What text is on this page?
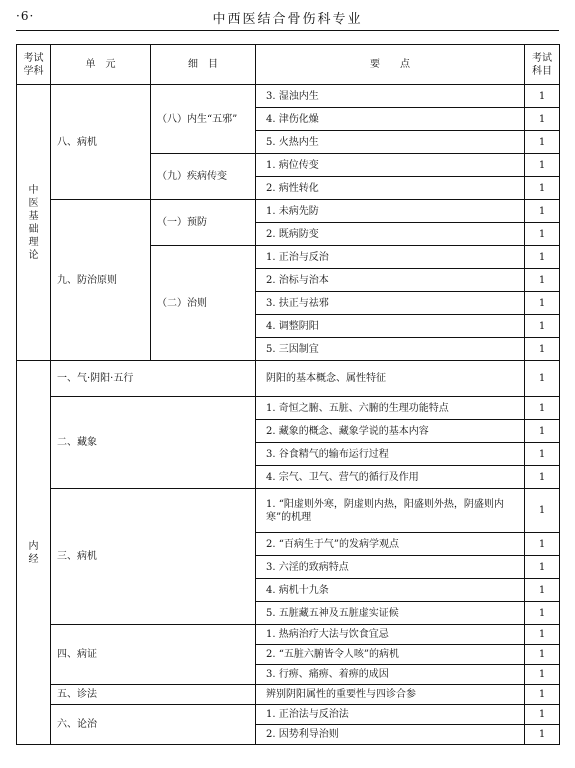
·6·	中西医结合骨伤科专业
考试学科	单　元	细　目	要　　点	考试科目
中医基础理论	八、病机	（八）内生“五邪”	3. 湿浊内生	1
			4. 津伤化燥	1
			5. 火热内生	1
		（九）疾病传变	1. 病位传变	1
			2. 病性转化	1
	九、防治原则	（一）预防	1. 未病先防	1
			2. 既病防变	1
		（二）治则	1. 正治与反治	1
			2. 治标与治本	1
			3. 扶正与祛邪	1
			4. 调整阴阳	1
			5. 三因制宜	1
内经	一、气·阴阳·五行		阴阳的基本概念、属性特征	1
	二、藏象		1. 奇恒之腑、五脏、六腑的生理功能特点	1
			2. 藏象的概念、藏象学说的基本内容	1
			3. 谷食精气的输布运行过程	1
			4. 宗气、卫气、营气的循行及作用	1
	三、病机		1. “阳虚则外寒，阴虚则内热，阳盛则外热，阴盛则内寒”的机理	1
			2. “百病生于气”的发病学观点	1
			3. 六淫的致病特点	1
			4. 病机十九条	1
			5. 五脏藏五神及五脏虚实证候	1
	四、病证		1. 热病治疗大法与饮食宜忌	1
			2. “五脏六腑皆令人咳”的病机	1
			3. 行痹、痛痹、着痹的成因	1
	五、诊法		辨别阴阳属性的重要性与四诊合参	1
	六、论治		1. 正治法与反治法	1
			2. 因势利导治则	1
